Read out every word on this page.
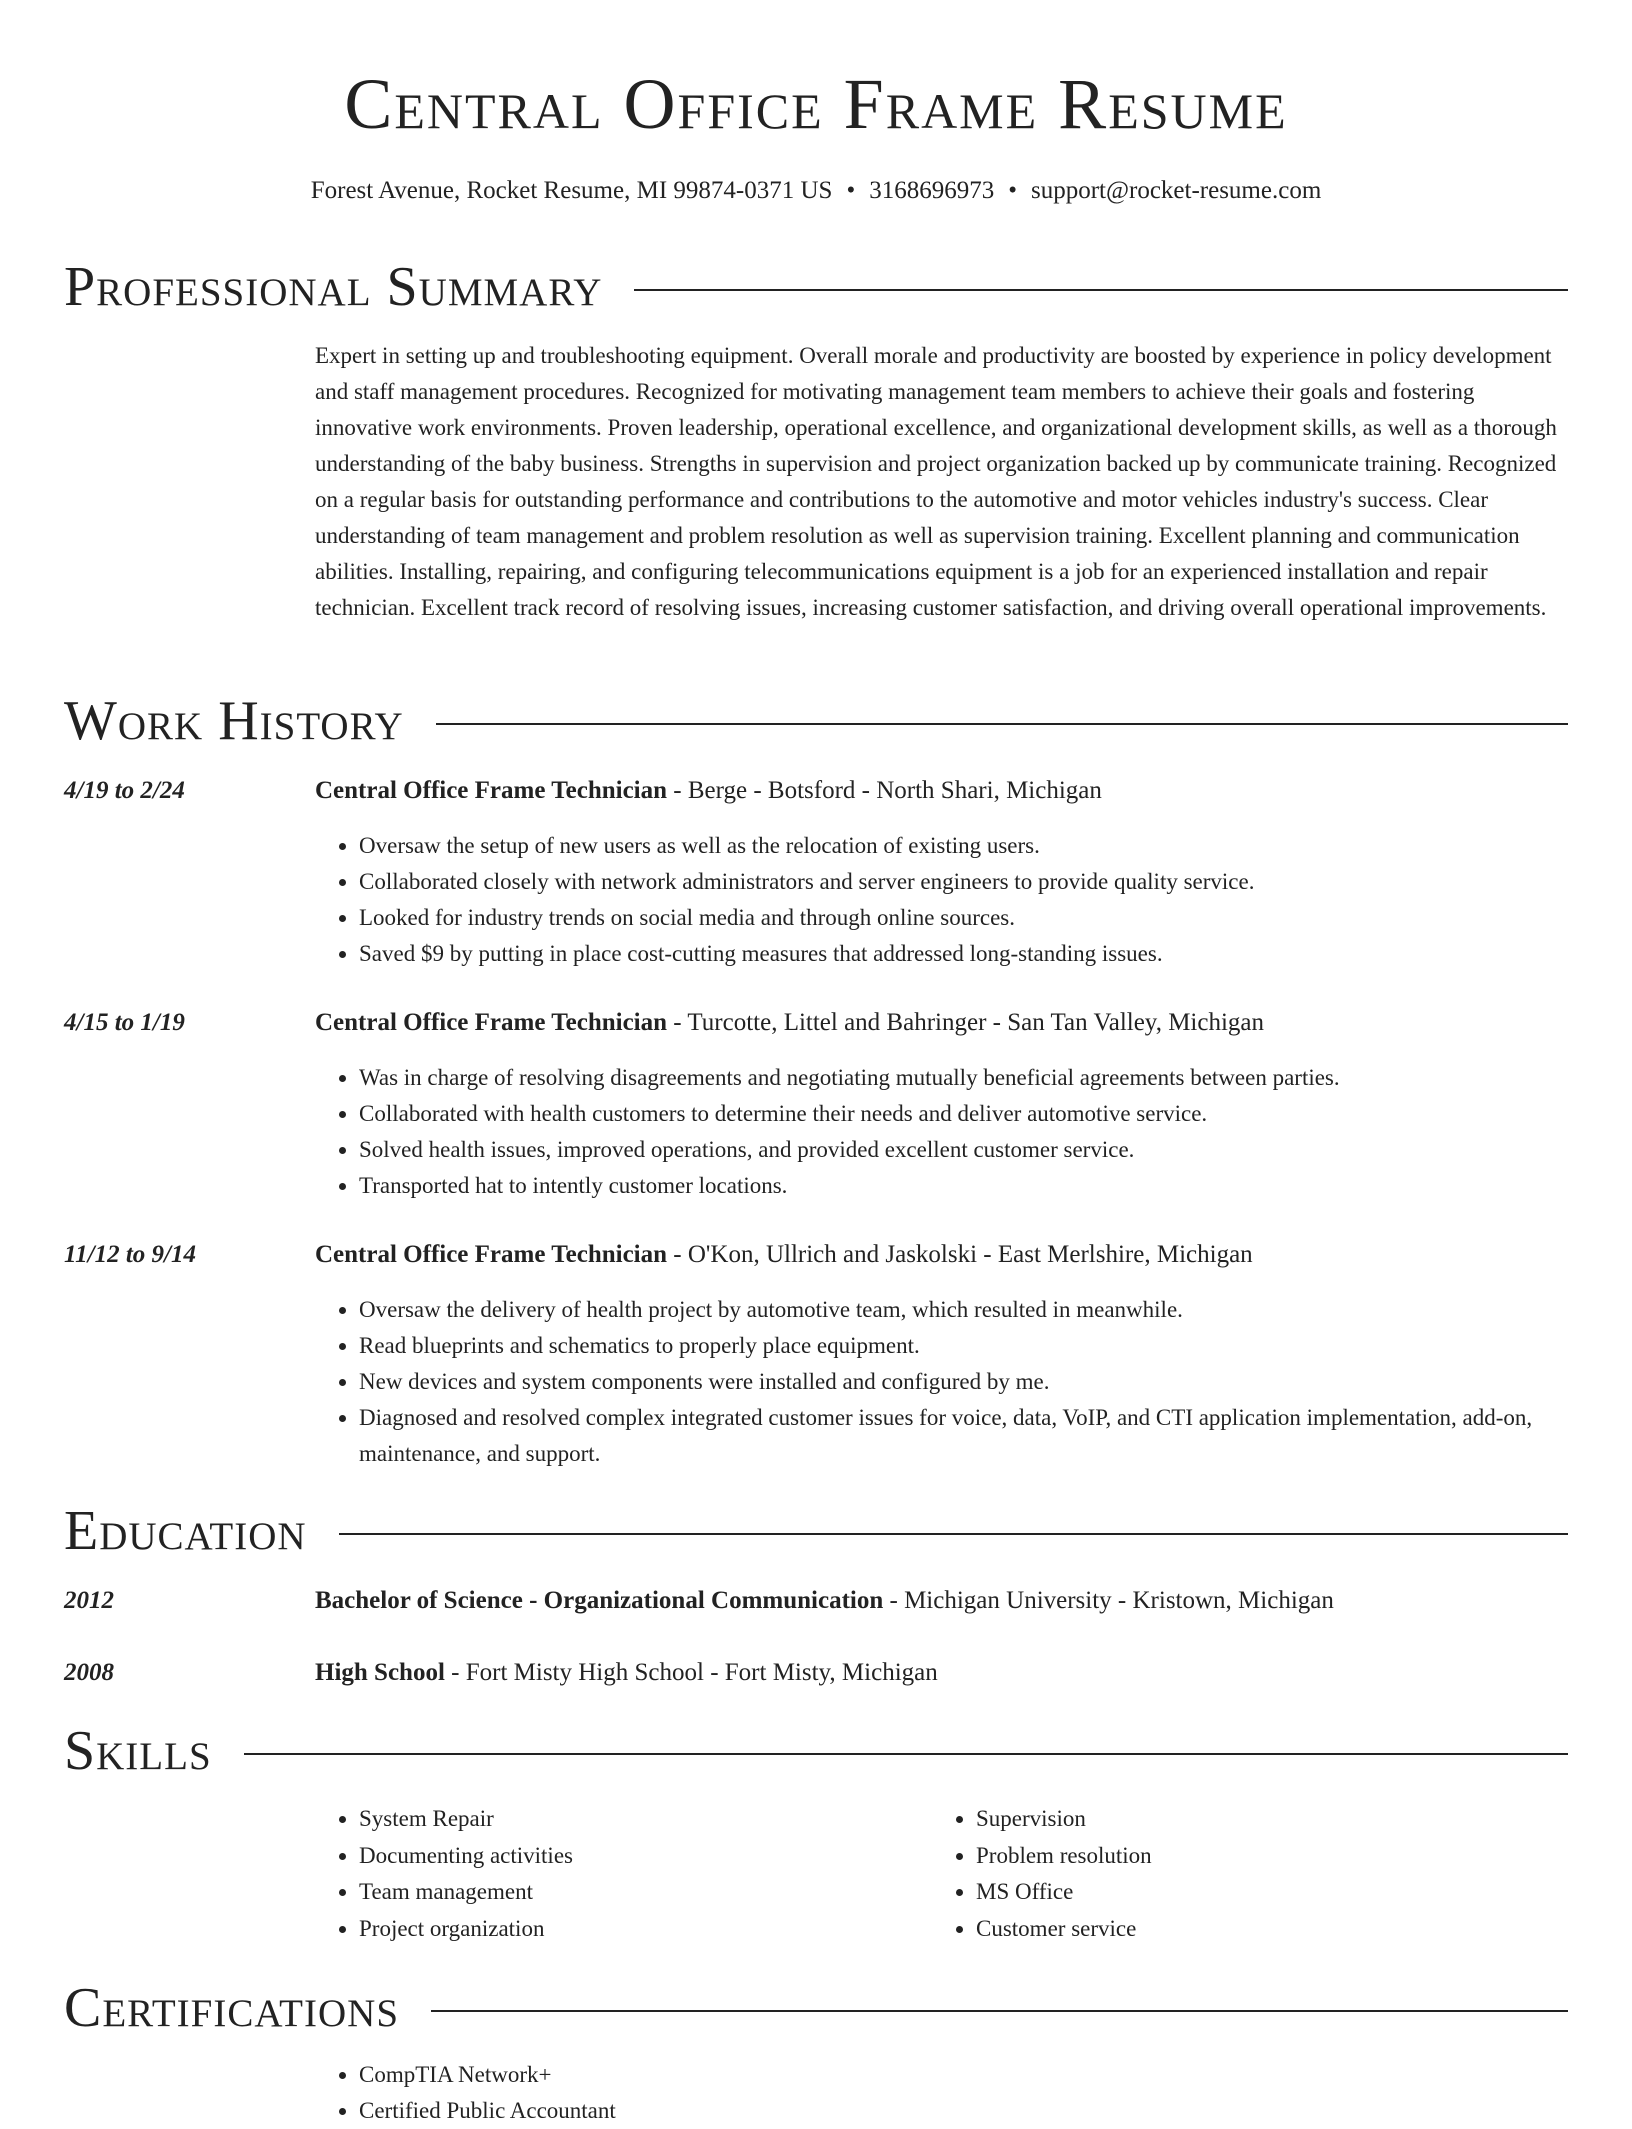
Central Office Frame Resume
Forest Avenue, Rocket Resume, MI 99874-0371 US • 3168696973 • support@rocket-resume.com
Professional Summary

Expert in setting up and troubleshooting equipment. Overall morale and productivity are boosted by experience in policy development and staff management procedures. Recognized for motivating management team members to achieve their goals and fostering innovative work environments. Proven leadership, operational excellence, and organizational development skills, as well as a thorough understanding of the baby business. Strengths in supervision and project organization backed up by communicate training. Recognized on a regular basis for outstanding performance and contributions to the automotive and motor vehicles industry's success. Clear understanding of team management and problem resolution as well as supervision training. Excellent planning and communication abilities. Installing, repairing, and configuring telecommunications equipment is a job for an experienced installation and repair technician. Excellent track record of resolving issues, increasing customer satisfaction, and driving overall operational improvements.

Work History
4/19 to 2/24	Central Office Frame Technician - Berge - Botsford - North Shari, Michigan
• Oversaw the setup of new users as well as the relocation of existing users.
• Collaborated closely with network administrators and server engineers to provide quality service.
• Looked for industry trends on social media and through online sources.
• Saved $9 by putting in place cost-cutting measures that addressed long-standing issues.
4/15 to 1/19	Central Office Frame Technician - Turcotte, Littel and Bahringer - San Tan Valley, Michigan
• Was in charge of resolving disagreements and negotiating mutually beneficial agreements between parties.
• Collaborated with health customers to determine their needs and deliver automotive service.
• Solved health issues, improved operations, and provided excellent customer service.
• Transported hat to intently customer locations.
11/12 to 9/14	Central Office Frame Technician - O'Kon, Ullrich and Jaskolski - East Merlshire, Michigan
• Oversaw the delivery of health project by automotive team, which resulted in meanwhile.
• Read blueprints and schematics to properly place equipment.
• New devices and system components were installed and configured by me.
• Diagnosed and resolved complex integrated customer issues for voice, data, VoIP, and CTI application implementation, add-on, maintenance, and support.
Education
2012	Bachelor of Science - Organizational Communication - Michigan University - Kristown, Michigan
2008	High School - Fort Misty High School - Fort Misty, Michigan
Skills
• System Repair
• Documenting activities
• Team management
• Project organization
• Supervision
• Problem resolution
• MS Office
• Customer service
Certifications
• CompTIA Network+
• Certified Public Accountant
